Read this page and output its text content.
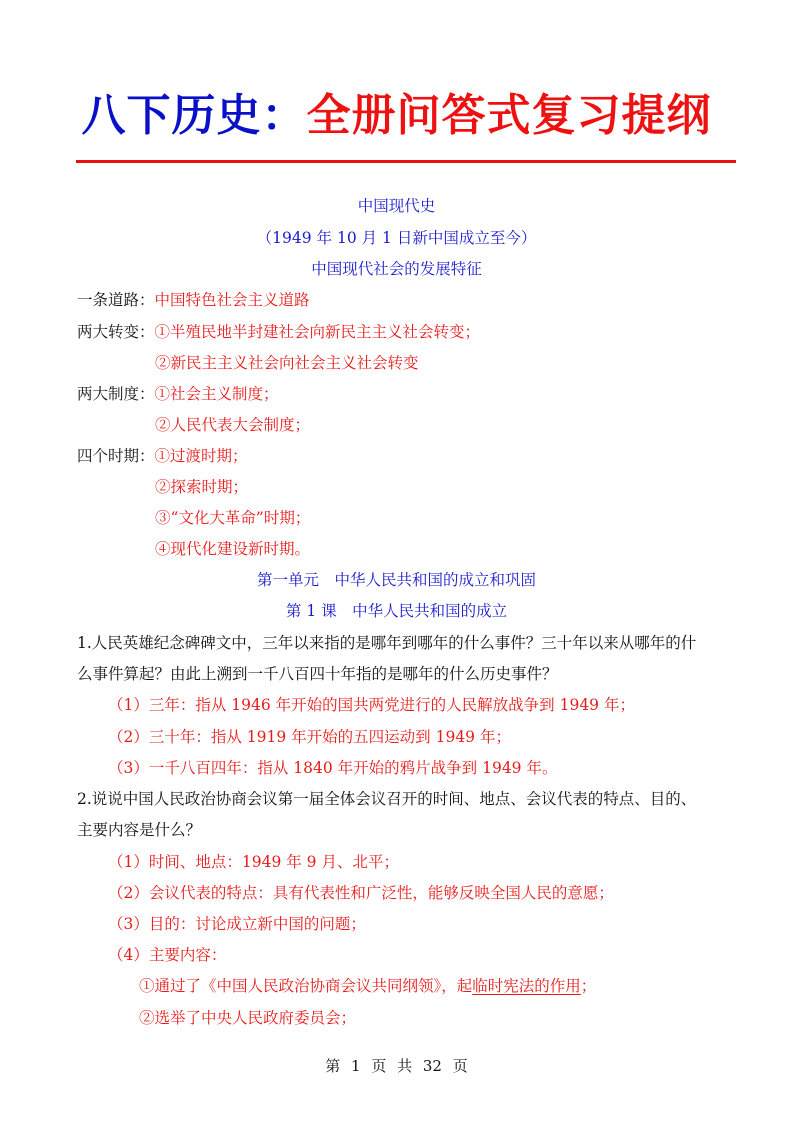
八下历史：全册问答式复习提纲
中国现代史
（1949 年 10 月 1 日新中国成立至今）
中国现代社会的发展特征
一条道路：中国特色社会主义道路
两大转变：①半殖民地半封建社会向新民主主义社会转变；
②新民主主义社会向社会主义社会转变
两大制度：①社会主义制度；
②人民代表大会制度；
四个时期：①过渡时期；
②探索时期；
③“文化大革命”时期；
④现代化建设新时期。
第一单元　中华人民共和国的成立和巩固
第 1 课　中华人民共和国的成立
1.人民英雄纪念碑碑文中，三年以来指的是哪年到哪年的什么事件？三十年以来从哪年的什
么事件算起？由此上溯到一千八百四十年指的是哪年的什么历史事件？
（1）三年：指从 1946 年开始的国共两党进行的人民解放战争到 1949 年；
（2）三十年：指从 1919 年开始的五四运动到 1949 年；
（3）一千八百四年：指从 1840 年开始的鸦片战争到 1949 年。
2.说说中国人民政治协商会议第一届全体会议召开的时间、地点、会议代表的特点、目的、
主要内容是什么？
（1）时间、地点：1949 年 9 月、北平；
（2）会议代表的特点：具有代表性和广泛性，能够反映全国人民的意愿；
（3）目的：讨论成立新中国的问题；
（4）主要内容：
①通过了《中国人民政治协商会议共同纲领》，起临时宪法的作用；
②选举了中央人民政府委员会；
第 1 页 共 32 页
